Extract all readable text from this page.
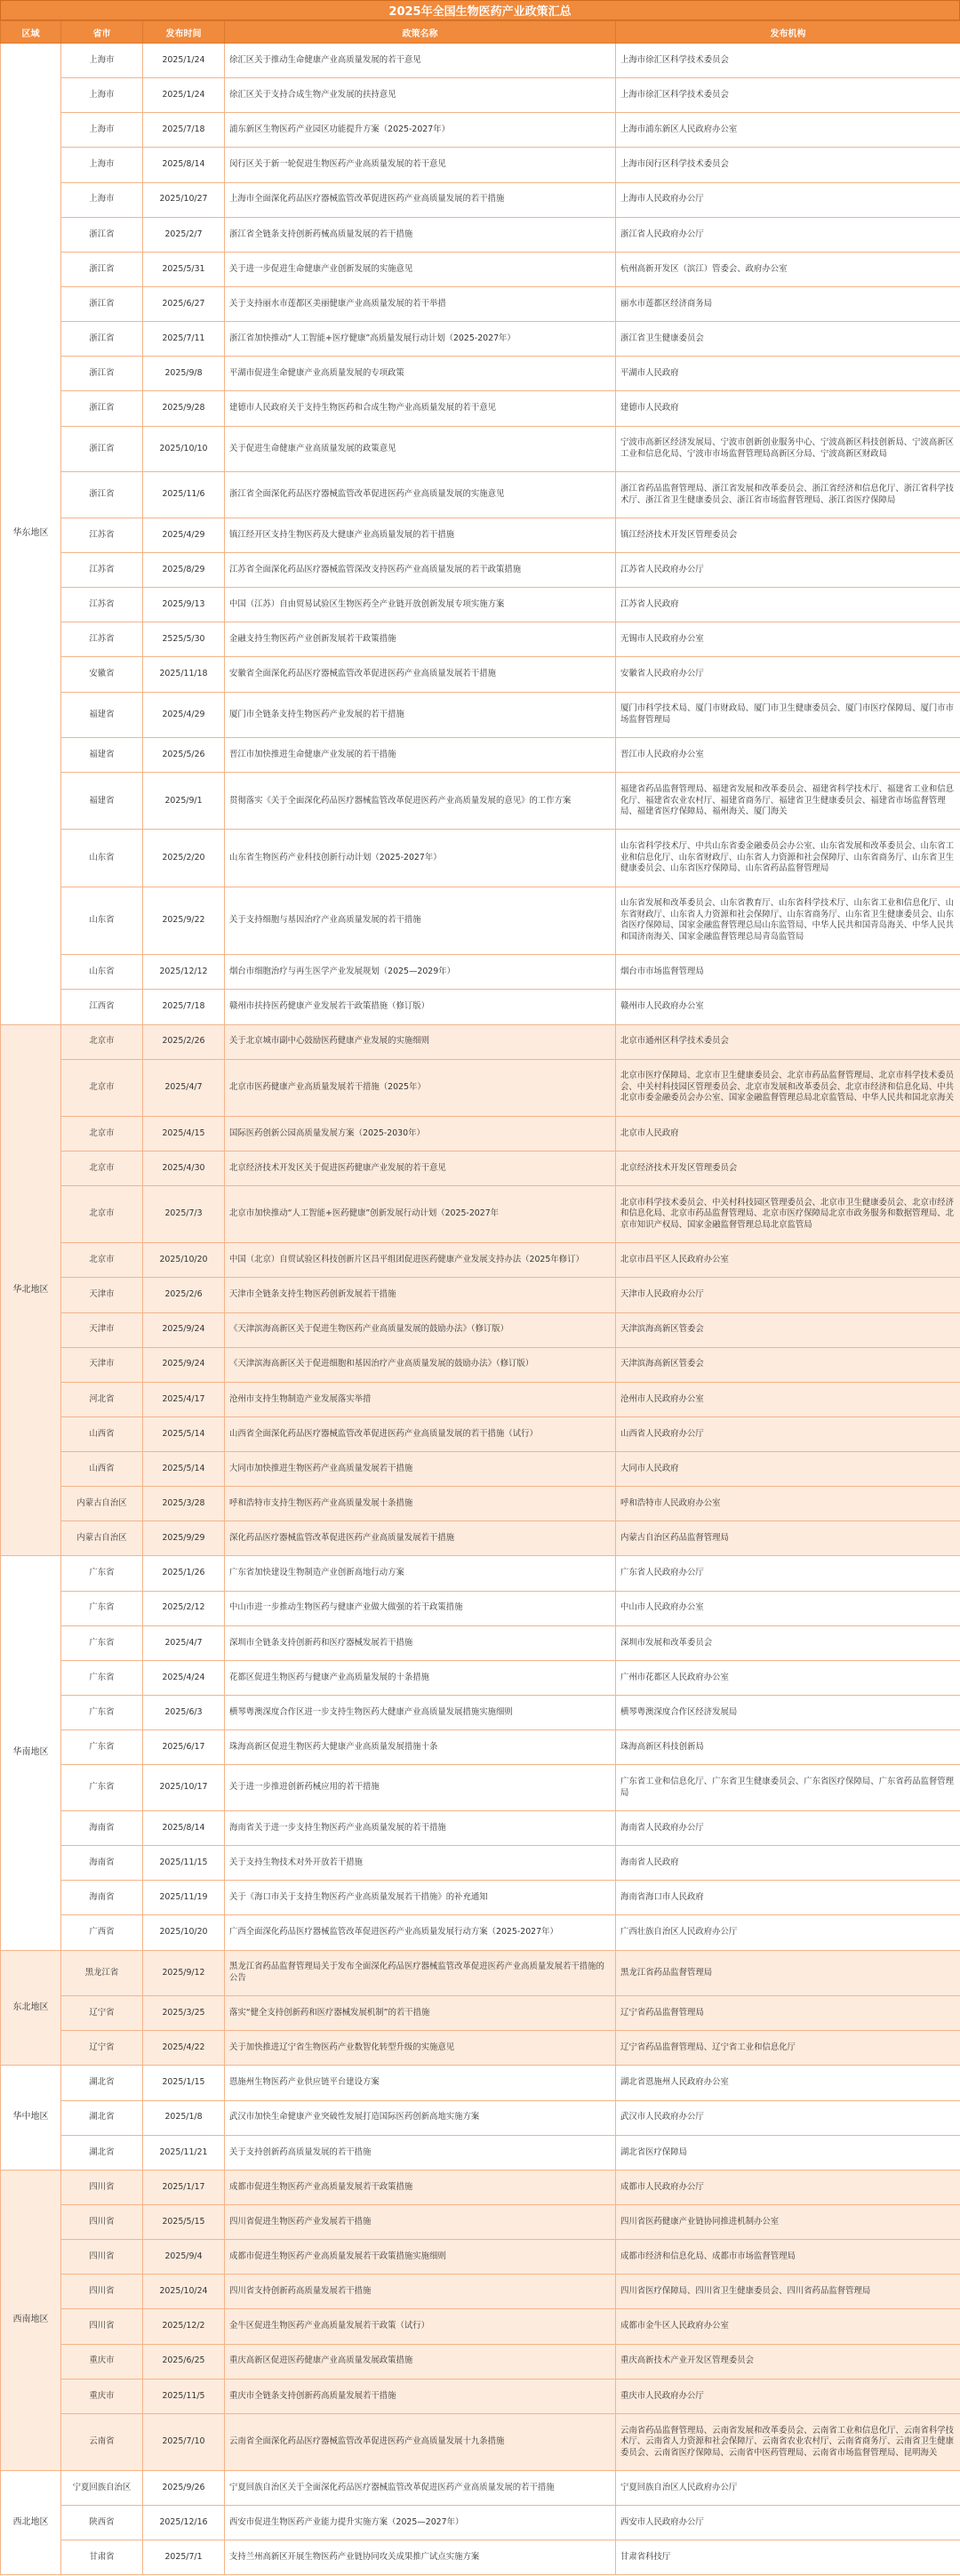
2025年全国生物医药产业政策汇总
区域	省市	发布时间	政策名称	发布机构
华东地区	上海市	2025/1/24	徐汇区关于推动生命健康产业高质量发展的若干意见	上海市徐汇区科学技术委员会
	上海市	2025/1/24	徐汇区关于支持合成生物产业发展的扶持意见	上海市徐汇区科学技术委员会
	上海市	2025/7/18	浦东新区生物医药产业园区功能提升方案（2025-2027年）	上海市浦东新区人民政府办公室
	上海市	2025/8/14	闵行区关于新一轮促进生物医药产业高质量发展的若干意见	上海市闵行区科学技术委员会
	上海市	2025/10/27	上海市全面深化药品医疗器械监管改革促进医药产业高质量发展的若干措施	上海市人民政府办公厅
	浙江省	2025/2/7	浙江省全链条支持创新药械高质量发展的若干措施	浙江省人民政府办公厅
	浙江省	2025/5/31	关于进一步促进生命健康产业创新发展的实施意见	杭州高新开发区（滨江）管委会、政府办公室
	浙江省	2025/6/27	关于支持丽水市莲都区美丽健康产业高质量发展的若干举措	丽水市莲都区经济商务局
	浙江省	2025/7/11	浙江省加快推动“人工智能+医疗健康”高质量发展行动计划（2025-2027年）	浙江省卫生健康委员会
	浙江省	2025/9/8	平湖市促进生命健康产业高质量发展的专项政策	平湖市人民政府
	浙江省	2025/9/28	建德市人民政府关于支持生物医药和合成生物产业高质量发展的若干意见	建德市人民政府
	浙江省	2025/10/10	关于促进生命健康产业高质量发展的政策意见	宁波市高新区经济发展局、宁波市创新创业服务中心、宁波高新区科技创新局、宁波高新区工业和信息化局、宁波市市场监督管理局高新区分局、宁波高新区财政局
	浙江省	2025/11/6	浙江省全面深化药品医疗器械监管改革促进医药产业高质量发展的实施意见	浙江省药品监督管理局、浙江省发展和改革委员会、浙江省经济和信息化厅、浙江省科学技术厅、浙江省卫生健康委员会、浙江省市场监督管理局、浙江省医疗保障局
	江苏省	2025/4/29	镇江经开区支持生物医药及大健康产业高质量发展的若干措施	镇江经济技术开发区管理委员会
	江苏省	2025/8/29	江苏省全面深化药品医疗器械监管深改支持医药产业高质量发展的若干政策措施	江苏省人民政府办公厅
	江苏省	2025/9/13	中国（江苏）自由贸易试验区生物医药全产业链开放创新发展专项实施方案	江苏省人民政府
	江苏省	2525/5/30	金融支持生物医药产业创新发展若干政策措施	无锡市人民政府办公室
	安徽省	2025/11/18	安徽省全面深化药品医疗器械监管改革促进医药产业高质量发展若干措施	安徽省人民政府办公厅
	福建省	2025/4/29	厦门市全链条支持生物医药产业发展的若干措施	厦门市科学技术局、厦门市财政局、厦门市卫生健康委员会、厦门市医疗保障局、厦门市市场监督管理局
	福建省	2025/5/26	晋江市加快推进生命健康产业发展的若干措施	晋江市人民政府办公室
	福建省	2025/9/1	贯彻落实《关于全面深化药品医疗器械监管改革促进医药产业高质量发展的意见》的工作方案	福建省药品监督管理局、福建省发展和改革委员会、福建省科学技术厅、福建省工业和信息化厅、福建省农业农村厅、福建省商务厅、福建省卫生健康委员会、福建省市场监督管理局、福建省医疗保障局、福州海关、厦门海关
	山东省	2025/2/20	山东省生物医药产业科技创新行动计划（2025-2027年）	山东省科学技术厅、中共山东省委金融委员会办公室、山东省发展和改革委员会、山东省工业和信息化厅、山东省财政厅、山东省人力资源和社会保障厅、山东省商务厅、山东省卫生健康委员会、山东省医疗保障局、山东省药品监督管理局
	山东省	2025/9/22	关于支持细胞与基因治疗产业高质量发展的若干措施	山东省发展和改革委员会、山东省教育厅、山东省科学技术厅、山东省工业和信息化厅、山东省财政厅、山东省人力资源和社会保障厅、山东省商务厅、山东省卫生健康委员会、山东省医疗保障局、国家金融监督管理总局山东监管局、中华人民共和国青岛海关、中华人民共和国济南海关、国家金融监督管理总局青岛监管局
	山东省	2025/12/12	烟台市细胞治疗与再生医学产业发展规划（2025—2029年）	烟台市市场监督管理局
	江西省	2025/7/18	赣州市扶持医药健康产业发展若干政策措施（修订版）	赣州市人民政府办公室
华北地区	北京市	2025/2/26	关于北京城市副中心鼓励医药健康产业发展的实施细则	北京市通州区科学技术委员会
	北京市	2025/4/7	北京市医药健康产业高质量发展若干措施（2025年）	北京市医疗保障局、北京市卫生健康委员会、北京市药品监督管理局、北京市科学技术委员会、中关村科技园区管理委员会、北京市发展和改革委员会、北京市经济和信息化局、中共北京市委金融委员会办公室、国家金融监督管理总局北京监管局、中华人民共和国北京海关
	北京市	2025/4/15	国际医药创新公园高质量发展方案（2025-2030年）	北京市人民政府
	北京市	2025/4/30	北京经济技术开发区关于促进医药健康产业发展的若干意见	北京经济技术开发区管理委员会
	北京市	2025/7/3	北京市加快推动“人工智能+医药健康”创新发展行动计划（2025-2027年	北京市科学技术委员会、中关村科技园区管理委员会、北京市卫生健康委员会、北京市经济和信息化局、北京市药品监督管理局、北京市医疗保障局北京市政务服务和数据管理局、北京市知识产权局、国家金融监督管理总局北京监管局
	北京市	2025/10/20	中国（北京）自贸试验区科技创新片区昌平组团促进医药健康产业发展支持办法（2025年修订）	北京市昌平区人民政府办公室
	天津市	2025/2/6	天津市全链条支持生物医药创新发展若干措施	天津市人民政府办公厅
	天津市	2025/9/24	《天津滨海高新区关于促进生物医药产业高质量发展的鼓励办法》（修订版）	天津滨海高新区管委会
	天津市	2025/9/24	《天津滨海高新区关于促进细胞和基因治疗产业高质量发展的鼓励办法》（修订版）	天津滨海高新区管委会
	河北省	2025/4/17	沧州市支持生物制造产业发展落实举措	沧州市人民政府办公室
	山西省	2025/5/14	山西省全面深化药品医疗器械监管改革促进医药产业高质量发展的若干措施（试行）	山西省人民政府办公厅
	山西省	2025/5/14	大同市加快推进生物医药产业高质量发展若干措施	大同市人民政府
	内蒙古自治区	2025/3/28	呼和浩特市支持生物医药产业高质量发展十条措施	呼和浩特市人民政府办公室
	内蒙古自治区	2025/9/29	深化药品医疗器械监管改革促进医药产业高质量发展若干措施	内蒙古自治区药品监督管理局
华南地区	广东省	2025/1/26	广东省加快建设生物制造产业创新高地行动方案	广东省人民政府办公厅
	广东省	2025/2/12	中山市进一步推动生物医药与健康产业做大做强的若干政策措施	中山市人民政府办公室
	广东省	2025/4/7	深圳市全链条支持创新药和医疗器械发展若干措施	深圳市发展和改革委员会
	广东省	2025/4/24	花都区促进生物医药与健康产业高质量发展的十条措施	广州市花都区人民政府办公室
	广东省	2025/6/3	横琴粤澳深度合作区进一步支持生物医药大健康产业高质量发展措施实施细则	横琴粤澳深度合作区经济发展局
	广东省	2025/6/17	珠海高新区促进生物医药大健康产业高质量发展措施十条	珠海高新区科技创新局
	广东省	2025/10/17	关于进一步推进创新药械应用的若干措施	广东省工业和信息化厅、广东省卫生健康委员会、广东省医疗保障局、广东省药品监督管理局
	海南省	2025/8/14	海南省关于进一步支持生物医药产业高质量发展的若干措施	海南省人民政府办公厅
	海南省	2025/11/15	关于支持生物技术对外开放若干措施	海南省人民政府
	海南省	2025/11/19	关于《海口市关于支持生物医药产业高质量发展若干措施》的补充通知	海南省海口市人民政府
	广西省	2025/10/20	广西全面深化药品医疗器械监管改革促进医药产业高质量发展行动方案（2025-2027年）	广西壮族自治区人民政府办公厅
东北地区	黑龙江省	2025/9/12	黑龙江省药品监督管理局关于发布全面深化药品医疗器械监管改革促进医药产业高质量发展若干措施的公告	黑龙江省药品监督管理局
	辽宁省	2025/3/25	落实“健全支持创新药和医疗器械发展机制”的若干措施	辽宁省药品监督管理局
	辽宁省	2025/4/22	关于加快推进辽宁省生物医药产业数智化转型升级的实施意见	辽宁省药品监督管理局、辽宁省工业和信息化厅
华中地区	湖北省	2025/1/15	恩施州生物医药产业供应链平台建设方案	湖北省恩施州人民政府办公室
	湖北省	2025/1/8	武汉市加快生命健康产业突破性发展打造国际医药创新高地实施方案	武汉市人民政府办公厅
	湖北省	2025/11/21	关于支持创新药高质量发展的若干措施	湖北省医疗保障局
西南地区	四川省	2025/1/17	成都市促进生物医药产业高质量发展若干政策措施	成都市人民政府办公厅
	四川省	2025/5/15	四川省促进生物医药产业发展若干措施	四川省医药健康产业链协同推进机制办公室
	四川省	2025/9/4	成都市促进生物医药产业高质量发展若干政策措施实施细则	成都市经济和信息化局、成都市市场监督管理局
	四川省	2025/10/24	四川省支持创新药高质量发展若干措施	四川省医疗保障局、四川省卫生健康委员会、四川省药品监督管理局
	四川省	2025/12/2	金牛区促进生物医药产业高质量发展若干政策（试行）	成都市金牛区人民政府办公室
	重庆市	2025/6/25	重庆高新区促进医药健康产业高质量发展政策措施	重庆高新技术产业开发区管理委员会
	重庆市	2025/11/5	重庆市全链条支持创新药高质量发展若干措施	重庆市人民政府办公厅
	云南省	2025/7/10	云南省全面深化药品医疗器械监管改革促进医药产业高质量发展十九条措施	云南省药品监督管理局、云南省发展和改革委员会、云南省工业和信息化厅、云南省科学技术厅、云南省人力资源和社会保障厅、云南省农业农村厅、云南省商务厅、云南省卫生健康委员会、云南省医疗保障局、云南省中医药管理局、云南省市场监督管理局、昆明海关
西北地区	宁夏回族自治区	2025/9/26	宁夏回族自治区关于全面深化药品医疗器械监管改革促进医药产业高质量发展的若干措施	宁夏回族自治区人民政府办公厅
	陕西省	2025/12/16	西安市促进生物医药产业能力提升实施方案（2025—2027年）	西安市人民政府办公厅
	甘肃省	2025/7/1	支持兰州高新区开展生物医药产业链协同攻关成果推广试点实施方案	甘肃省科技厅
